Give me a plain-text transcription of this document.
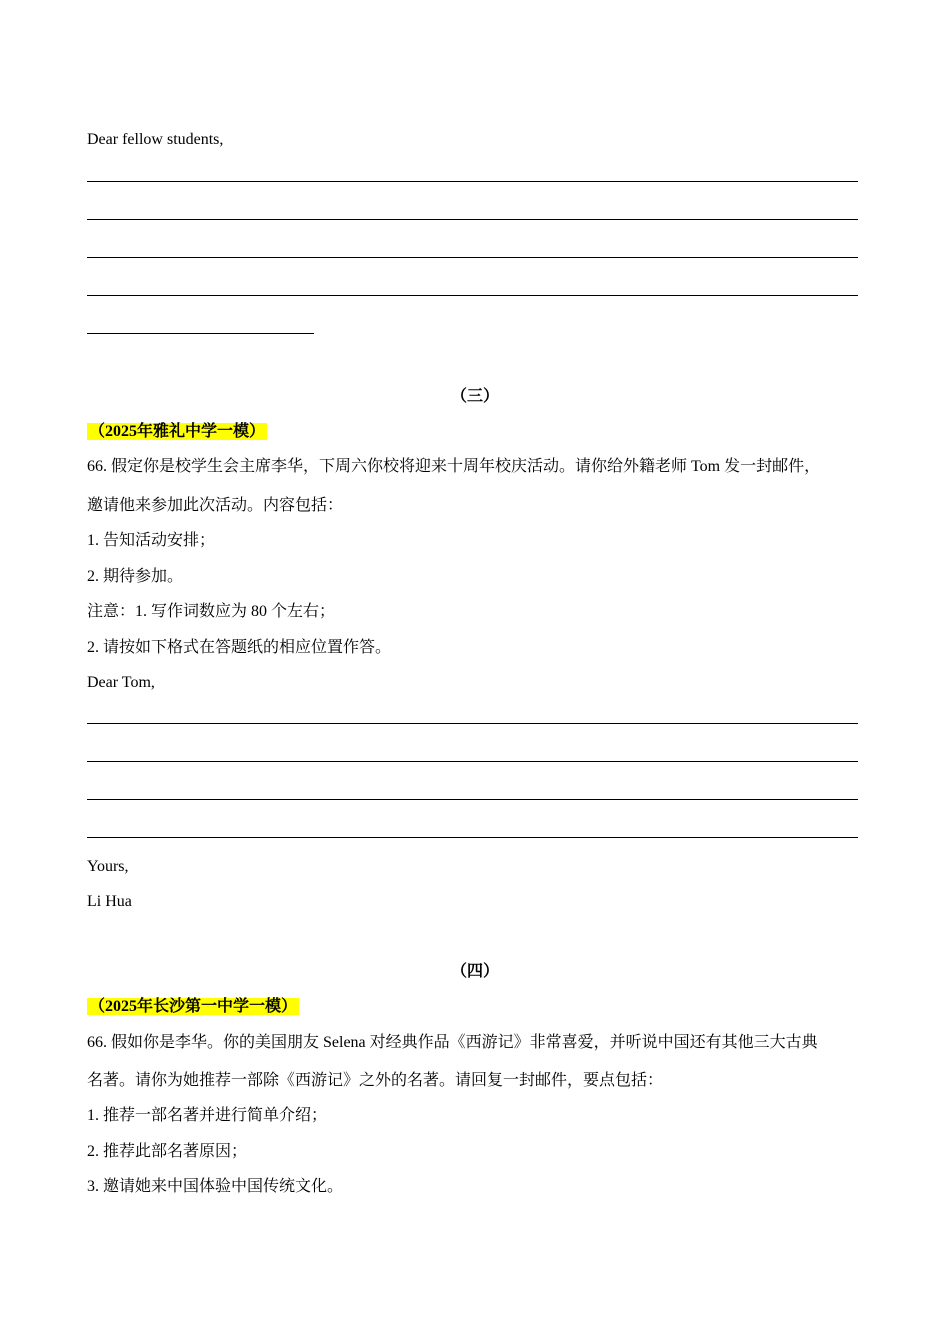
Dear fellow students,
（三）
（2025年雅礼中学一模）
66. 假定你是校学生会主席李华，下周六你校将迎来十周年校庆活动。请你给外籍老师 Tom 发一封邮件，
邀请他来参加此次活动。内容包括：
1. 告知活动安排；
2. 期待参加。
注意：1. 写作词数应为 80 个左右；
2. 请按如下格式在答题纸的相应位置作答。
Dear Tom,
Yours,
Li Hua
（四）
（2025年长沙第一中学一模）
66. 假如你是李华。你的美国朋友 Selena 对经典作品《西游记》非常喜爱，并听说中国还有其他三大古典
名著。请你为她推荐一部除《西游记》之外的名著。请回复一封邮件，要点包括：
1. 推荐一部名著并进行简单介绍；
2. 推荐此部名著原因；
3. 邀请她来中国体验中国传统文化。
